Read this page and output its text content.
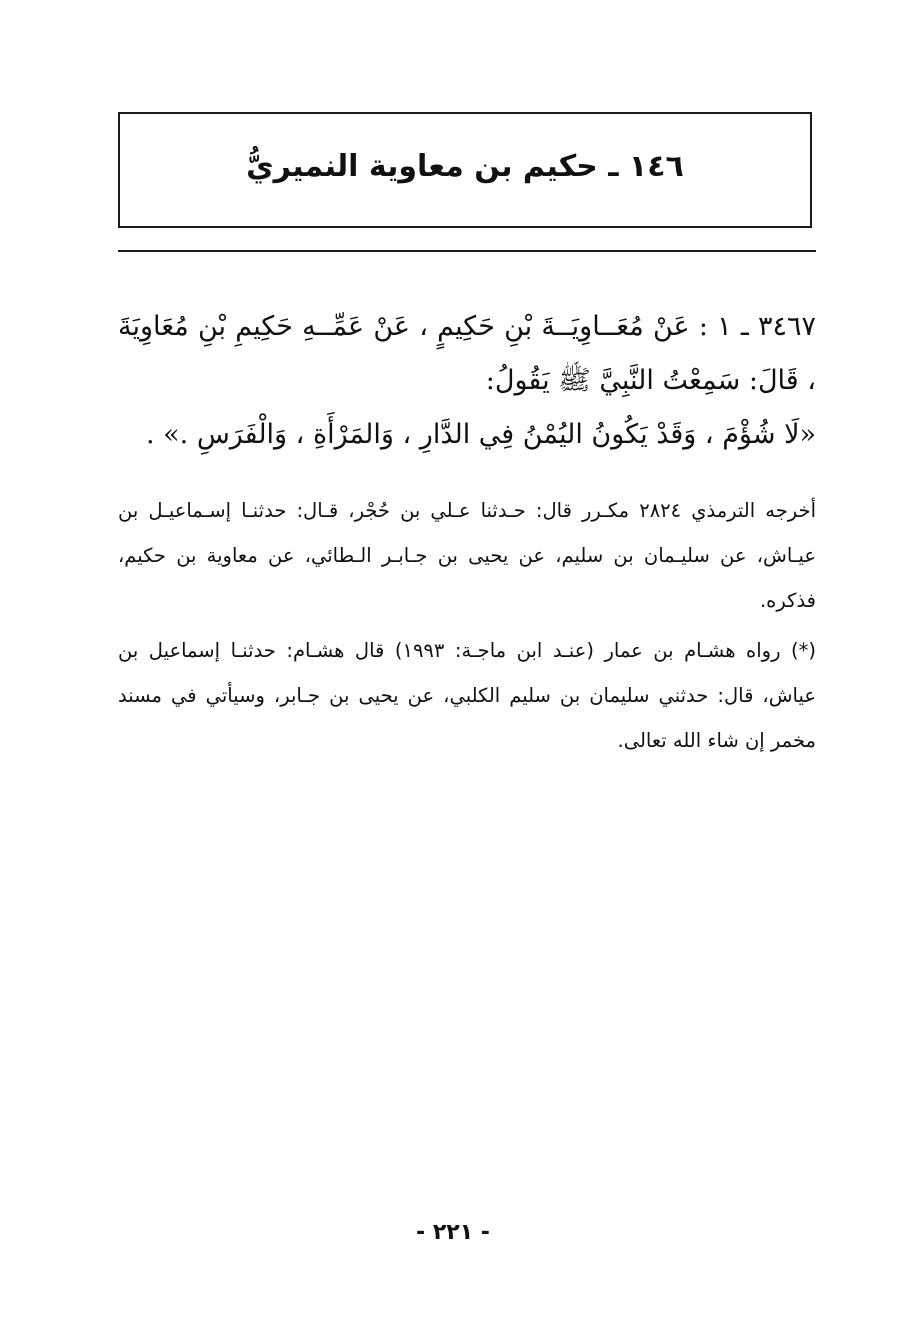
١٤٦ ـ حكيم بن معاوية النميريُّ

٣٤٦٧ ـ ١ : عَنْ مُعَــاوِيَــةَ بْنِ حَكِيمٍ ، عَنْ عَمِّــهِ حَكِيمِ بْنِ مُعَاوِيَةَ ، قَالَ: سَمِعْتُ النَّبِيَّ ﷺ يَقُولُ:

«لَا شُؤْمَ ، وَقَدْ يَكُونُ اليُمْنُ فِي الدَّارِ ، وَالمَرْأَةِ ، وَالْفَرَسِ .» .

أخرجه الترمذي ٢٨٢٤ مكـرر قال: حـدثنا عـلي بن حُجْر، قـال: حدثنـا إسـماعيـل بن عيـاش، عن سليـمان بن سليم، عن يحيى بن جـابـر الـطائي، عن معاوية بن حكيم، فذكره.

(*) رواه هشـام بن عمار (عنـد ابن ماجـة: ١٩٩٣) قال هشـام: حدثنـا إسماعيل بن عياش، قال: حدثني سليمان بن سليم الكلبي، عن يحيى بن جـابر، وسيأتي في مسند مخمر إن شاء الله تعالى.

- ٢٢١ -
